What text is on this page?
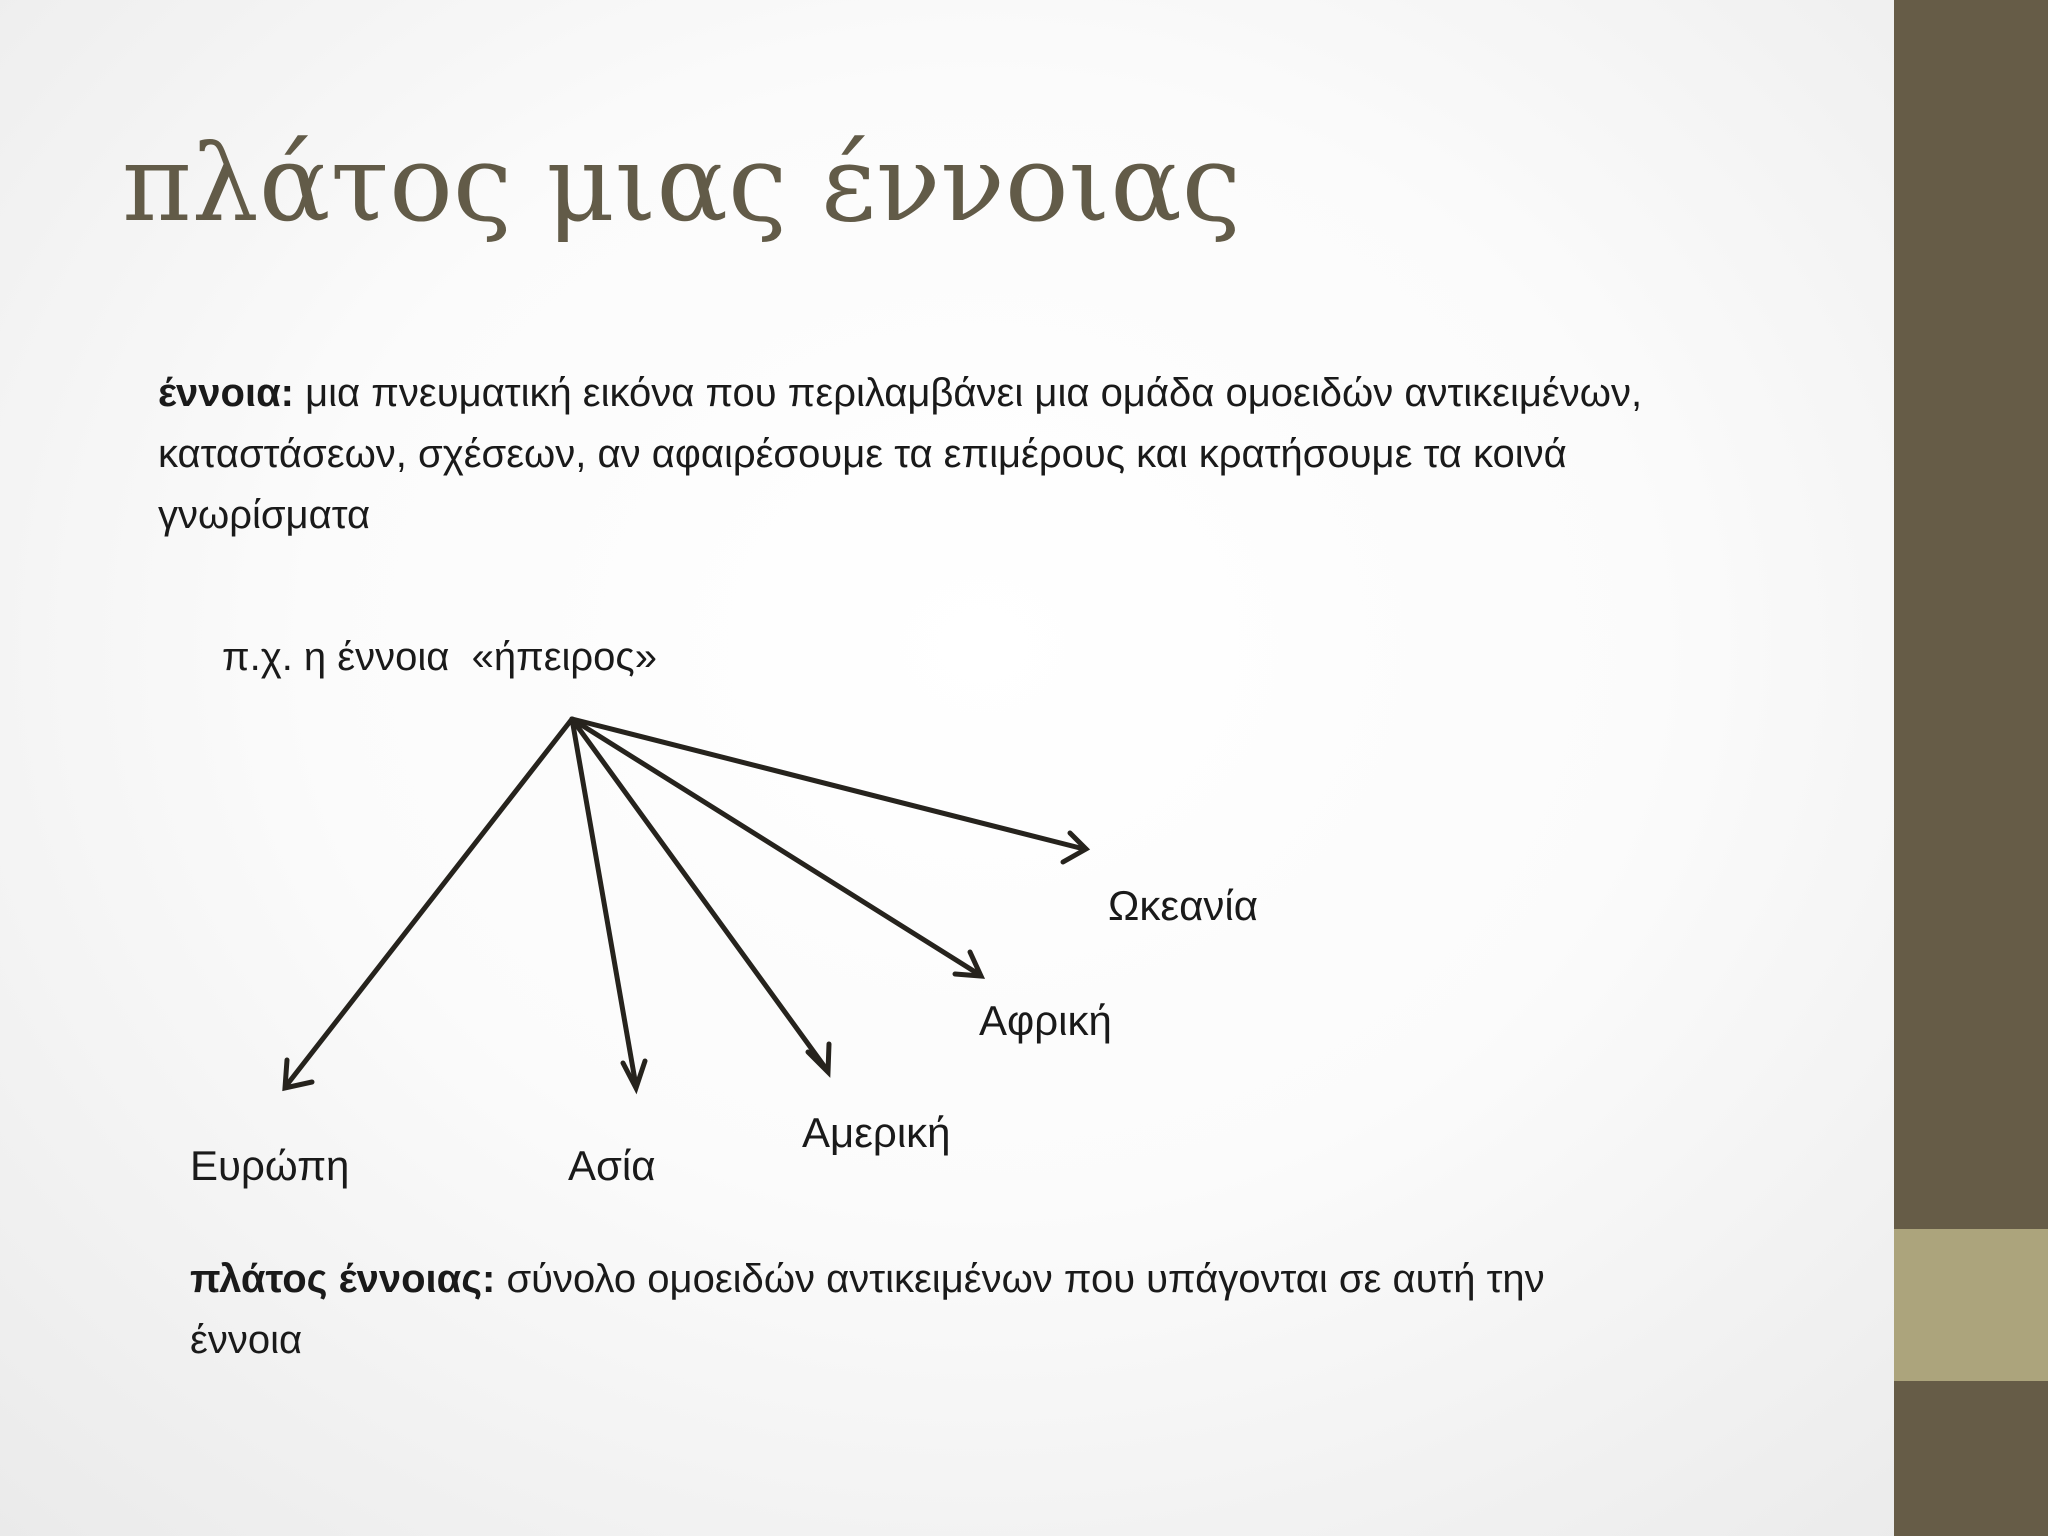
πλάτος μιας έννοιας

έννοια: μια πνευματική εικόνα που περιλαμβάνει μια ομάδα ομοειδών αντικειμένων, καταστάσεων, σχέσεων, αν αφαιρέσουμε τα επιμέρους και κρατήσουμε τα κοινά γνωρίσματα

π.χ. η έννοια  «ήπειρος»
Ευρώπη	Ασία
Αμερική
Αφρική
Ωκεανία

πλάτος έννοιας: σύνολο ομοειδών αντικειμένων που υπάγονται σε αυτή την έννοια
